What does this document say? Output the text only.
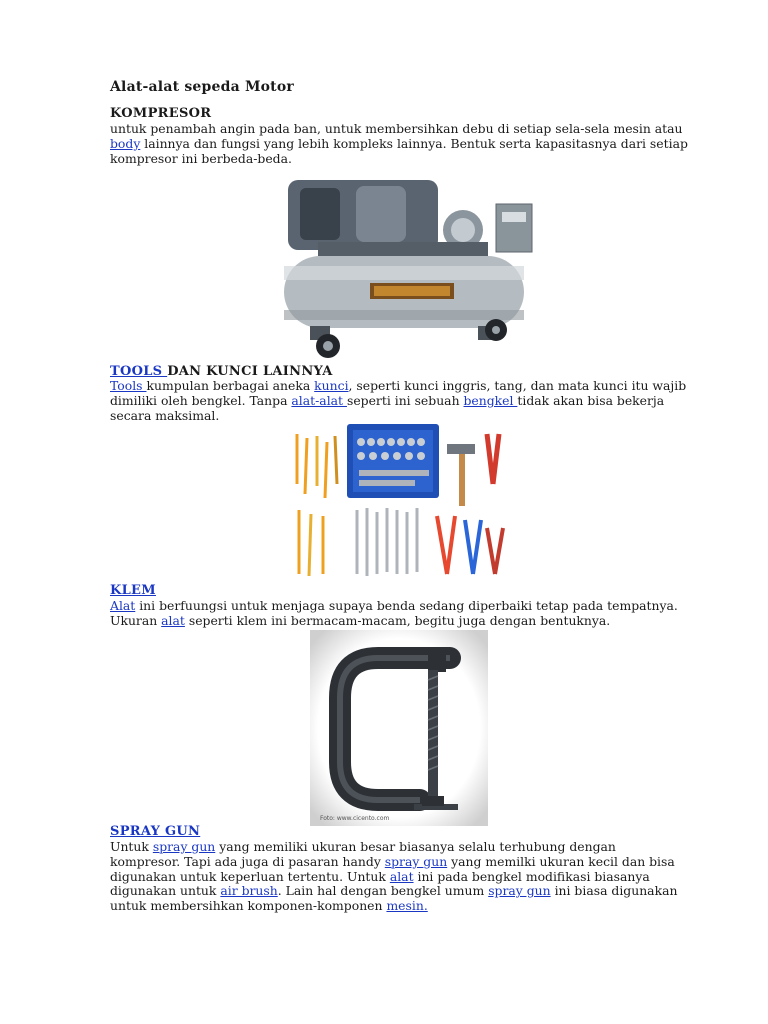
Alat-alat sepeda Motor
KOMPRESOR
untuk penambah angin pada ban, untuk membersihkan debu di setiap sela-sela mesin atau body lainnya dan fungsi yang lebih kompleks lainnya. Bentuk serta kapasitasnya dari setiap kompresor ini berbeda-beda.
TOOLS DAN KUNCI LAINNYA
Tools kumpulan berbagai aneka kunci, seperti kunci inggris, tang, dan mata kunci itu wajib dimiliki oleh bengkel. Tanpa alat-alat seperti ini sebuah bengkel tidak akan bisa bekerja secara maksimal.
KLEM
Alat ini berfuungsi untuk menjaga supaya benda sedang diperbaiki tetap pada tempatnya. Ukuran alat seperti klem ini bermacam-macam, begitu juga dengan bentuknya.
Foto: www.cicento.com
SPRAY GUN
Untuk spray gun yang memiliki ukuran besar biasanya selalu terhubung dengan kompresor. Tapi ada juga di pasaran handy spray gun yang memilki ukuran kecil dan bisa digunakan untuk keperluan tertentu. Untuk alat ini pada bengkel modifikasi biasanya digunakan untuk air brush. Lain hal dengan bengkel umum spray gun ini biasa digunakan untuk membersihkan komponen-komponen mesin.
